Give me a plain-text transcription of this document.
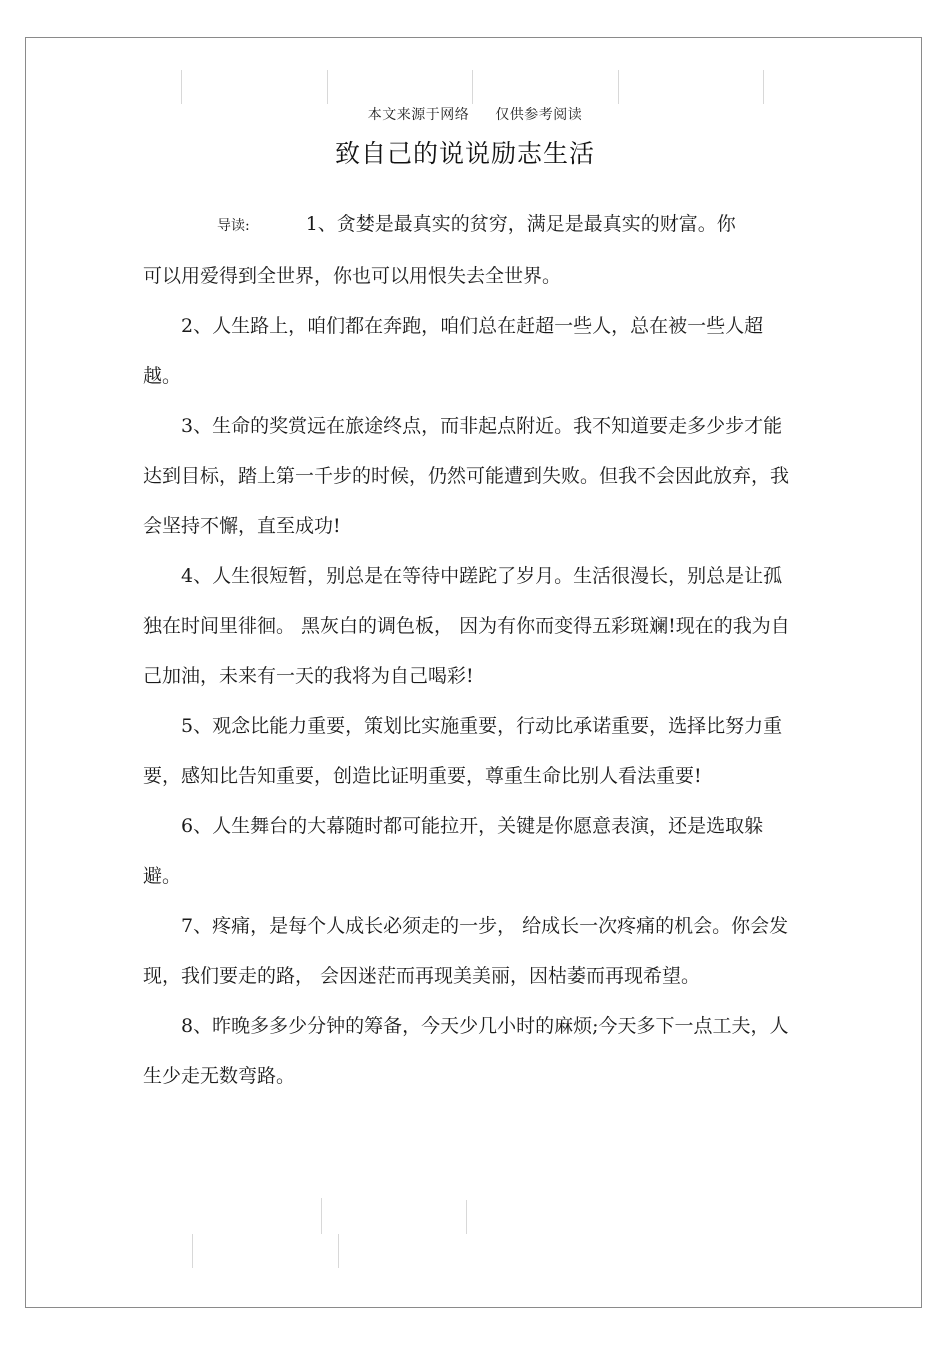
本文来源于网络 仅供参考阅读
致自己的说说励志生活
导读:	1、贪婪是最真实的贫穷，满足是最真实的财富。你
可以用爱得到全世界，你也可以用恨失去全世界。

2、人生路上，咱们都在奔跑，咱们总在赶超一些人，总在被一些人超越。

3、生命的奖赏远在旅途终点，而非起点附近。我不知道要走多少步才能达到目标，踏上第一千步的时候，仍然可能遭到失败。但我不会因此放弃，我会坚持不懈，直至成功!

4、人生很短暂，别总是在等待中蹉跎了岁月。生活很漫长，别总是让孤独在时间里徘徊。 黑灰白的调色板， 因为有你而变得五彩斑斓!现在的我为自己加油，未来有一天的我将为自己喝彩!

5、观念比能力重要，策划比实施重要，行动比承诺重要，选择比努力重要，感知比告知重要，创造比证明重要，尊重生命比别人看法重要!

6、人生舞台的大幕随时都可能拉开，关键是你愿意表演，还是选取躲避。

7、疼痛，是每个人成长必须走的一步， 给成长一次疼痛的机会。你会发现，我们要走的路， 会因迷茫而再现美美丽，因枯萎而再现希望。

8、昨晚多多少分钟的筹备，今天少几小时的麻烦;今天多下一点工夫，人生少走无数弯路。
